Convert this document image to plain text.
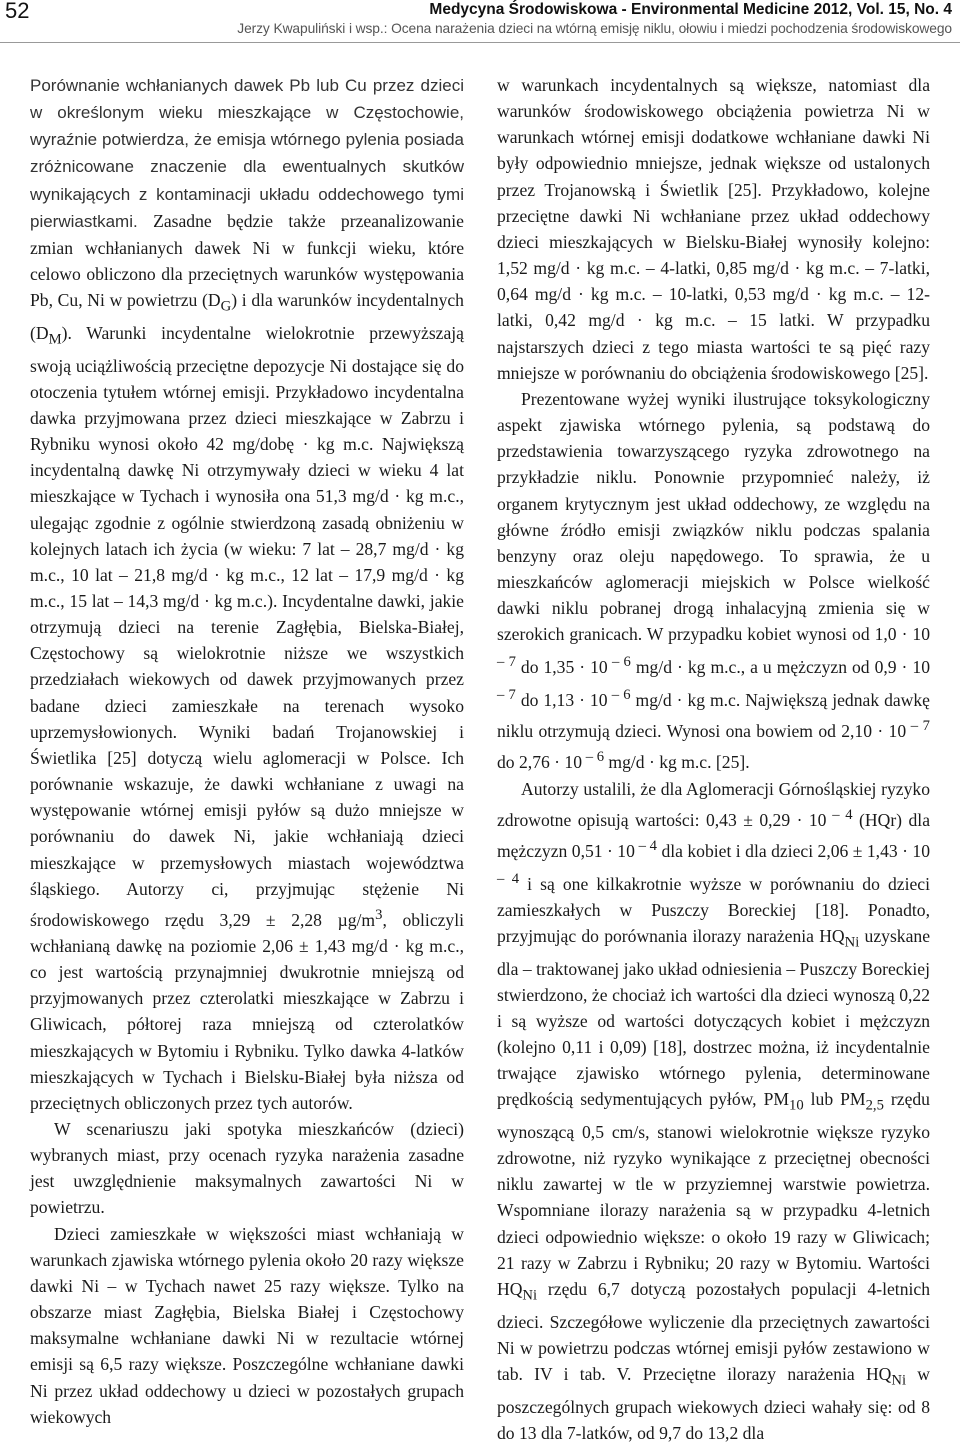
52	Medycyna Środowiskowa - Environmental Medicine 2012, Vol. 15, No. 4
Jerzy Kwapuliński i wsp.: Ocena narażenia dzieci na wtórną emisję niklu, ołowiu i miedzi pochodzenia środowiskowego

Porównanie wchłanianych dawek Pb lub Cu przez dzieci w określonym wieku mieszkające w Częstochowie, wyraźnie potwierdza, że emisja wtórnego pylenia posiada zróżnicowane znaczenie dla ewentualnych skutków wynikających z kontaminacji układu oddechowego tymi pierwiastkami. Zasadne będzie także przeanalizowanie zmian wchłanianych dawek Ni w funkcji wieku, które celowo obliczono dla przeciętnych warunków występowania Pb, Cu, Ni w powietrzu $(D_G)$ i dla warunków incydentalnych $(D_M)$. Warunki incydentalne wielokrotnie przewyższają swoją uciążliwością przeciętne depozycje Ni dostające się do otoczenia tytułem wtórnej emisji. Przykładowo incydentalna dawka przyjmowana przez dzieci mieszkające w Zabrzu i Rybniku wynosi około 42 mg/dobę · kg m.c. Największą incydentalną dawkę Ni otrzymywały dzieci w wieku 4 lat mieszkające w Tychach i wynosiła ona 51,3 mg/d · kg m.c., ulegając zgodnie z ogólnie stwierdzoną zasadą obniżeniu w kolejnych latach ich życia (w wieku: 7 lat – 28,7 mg/d · kg m.c., 10 lat – 21,8 mg/d · kg m.c., 12 lat – 17,9 mg/d · kg m.c., 15 lat – 14,3 mg/d · kg m.c.). Incydentalne dawki, jakie otrzymują dzieci na terenie Zagłębia, Bielska-Białej, Częstochowy są wielokrotnie niższe we wszystkich przedziałach wiekowych od dawek przyjmowanych przez badane dzieci zamieszkałe na terenach wysoko uprzemysłowionych. Wyniki badań Trojanowskiej i Świetlika [25] dotyczą wielu aglomeracji w Polsce. Ich porównanie wskazuje, że dawki wchłaniane z uwagi na występowanie wtórnej emisji pyłów są dużo mniejsze w porównaniu do dawek Ni, jakie wchłaniają dzieci mieszkające w przemysłowych miastach województwa śląskiego. Autorzy ci, przyjmując stężenie Ni środowiskowego rzędu 3,29 ± 2,28 $\mu g/m^3$, obliczyli wchłanianą dawkę na poziomie 2,06 ± 1,43 mg/d · kg m.c., co jest wartością przynajmniej dwukrotnie mniejszą od przyjmowanych przez czterolatki mieszkające w Zabrzu i Gliwicach, półtorej raza mniejszą od czterolatków mieszkających w Bytomiu i Rybniku. Tylko dawka 4-latków mieszkających w Tychach i Bielsku-Białej była niższa od przeciętnych obliczonych przez tych autorów.

W scenariuszu jaki spotyka mieszkańców (dzieci) wybranych miast, przy ocenach ryzyka narażenia zasadne jest uwzględnienie maksymalnych zawartości Ni w powietrzu.

Dzieci zamieszkałe w większości miast wchłaniają w warunkach zjawiska wtórnego pylenia około 20 razy większe dawki Ni – w Tychach nawet 25 razy większe. Tylko na obszarze miast Zagłębia, Bielska Białej i Częstochowy maksymalne wchłaniane dawki Ni w rezultacie wtórnej emisji są 6,5 razy większe. Poszczególne wchłaniane dawki Ni przez układ oddechowy u dzieci w pozostałych grupach wiekowych

w warunkach incydentalnych są większe, natomiast dla warunków środowiskowego obciążenia powietrza Ni w warunkach wtórnej emisji dodatkowe wchłaniane dawki Ni były odpowiednio mniejsze, jednak większe od ustalonych przez Trojanowską i Świetlik [25]. Przykładowo, kolejne przeciętne dawki Ni wchłaniane przez układ oddechowy dzieci mieszkających w Bielsku-Białej wynosiły kolejno: 1,52 mg/d · kg m.c. – 4-latki, 0,85 mg/d · kg m.c. – 7-latki, 0,64 mg/d · kg m.c. – 10-latki, 0,53 mg/d · kg m.c. – 12-latki, 0,42 mg/d · kg m.c. – 15 latki. W przypadku najstarszych dzieci z tego miasta wartości te są pięć razy mniejsze w porównaniu do obciążenia środowiskowego [25].

Prezentowane wyżej wyniki ilustrujące toksykologiczny aspekt zjawiska wtórnego pylenia, są podstawą do przedstawienia towarzyszącego ryzyka zdrowotnego na przykładzie niklu. Ponownie przypomnieć należy, iż organem krytycznym jest układ oddechowy, ze względu na główne źródło emisji związków niklu podczas spalania benzyny oraz oleju napędowego. To sprawia, że u mieszkańców aglomeracji miejskich w Polsce wielkość dawki niklu pobranej drogą inhalacyjną zmienia się w szerokich granicach. W przypadku kobiet wynosi od 1,0 · 10 $^{- 7}$ do 1,35 · 10 $^{- 6}$ mg/d · kg m.c., a u mężczyzn od 0,9 · 10 $^{- 7}$ do 1,13 · 10 $^{- 6}$ mg/d · kg m.c. Największą jednak dawkę niklu otrzymują dzieci. Wynosi ona bowiem od 2,10 · 10 $^{- 7}$ do 2,76 · 10 $^{- 6}$ mg/d · kg m.c. [25].

Autorzy ustalili, że dla Aglomeracji Górnośląskiej ryzyko zdrowotne opisują wartości: 0,43 ± 0,29 · 10 $^{- 4}$ (HQr) dla mężczyzn 0,51 · 10 $^{- 4}$ dla kobiet i dla dzieci 2,06 ± 1,43 · 10 $^{- 4}$ i są one kilkakrotnie wyższe w porównaniu do dzieci zamieszkałych w Puszczy Boreckiej [18]. Ponadto, przyjmując do porównania ilorazy narażenia $HQ_{Ni}$ uzyskane dla – traktowanej jako układ odniesienia – Puszczy Boreckiej stwierdzono, że chociaż ich wartości dla dzieci wynoszą 0,22 i są wyższe od wartości dotyczących kobiet i mężczyzn (kolejno 0,11 i 0,09) [18], dostrzec można, iż incydentalnie trwające zjawisko wtórnego pylenia, determinowane prędkością sedymentujących pyłów, $PM_{10}$ lub $PM_{2,5}$ rzędu wynoszącą 0,5 cm/s, stanowi wielokrotnie większe ryzyko zdrowotne, niż ryzyko wynikające z przeciętnej obecności niklu zawartej w tle w przyziemnej warstwie powietrza. Wspomniane ilorazy narażenia są w przypadku 4-letnich dzieci odpowiednio większe: o około 19 razy w Gliwicach; 21 razy w Zabrzu i Rybniku; 20 razy w Bytomiu. Wartości $HQ_{Ni}$ rzędu 6,7 dotyczą pozostałych populacji 4-letnich dzieci. Szczegółowe wyliczenie dla przeciętnych zawartości Ni w powietrzu podczas wtórnej emisji pyłów zestawiono w tab. IV i tab. V. Przeciętne ilorazy narażenia $HQ_{Ni}$ w poszczególnych grupach wiekowych dzieci wahały się: od 8 do 13 dla 7-latków, od 9,7 do 13,2 dla
